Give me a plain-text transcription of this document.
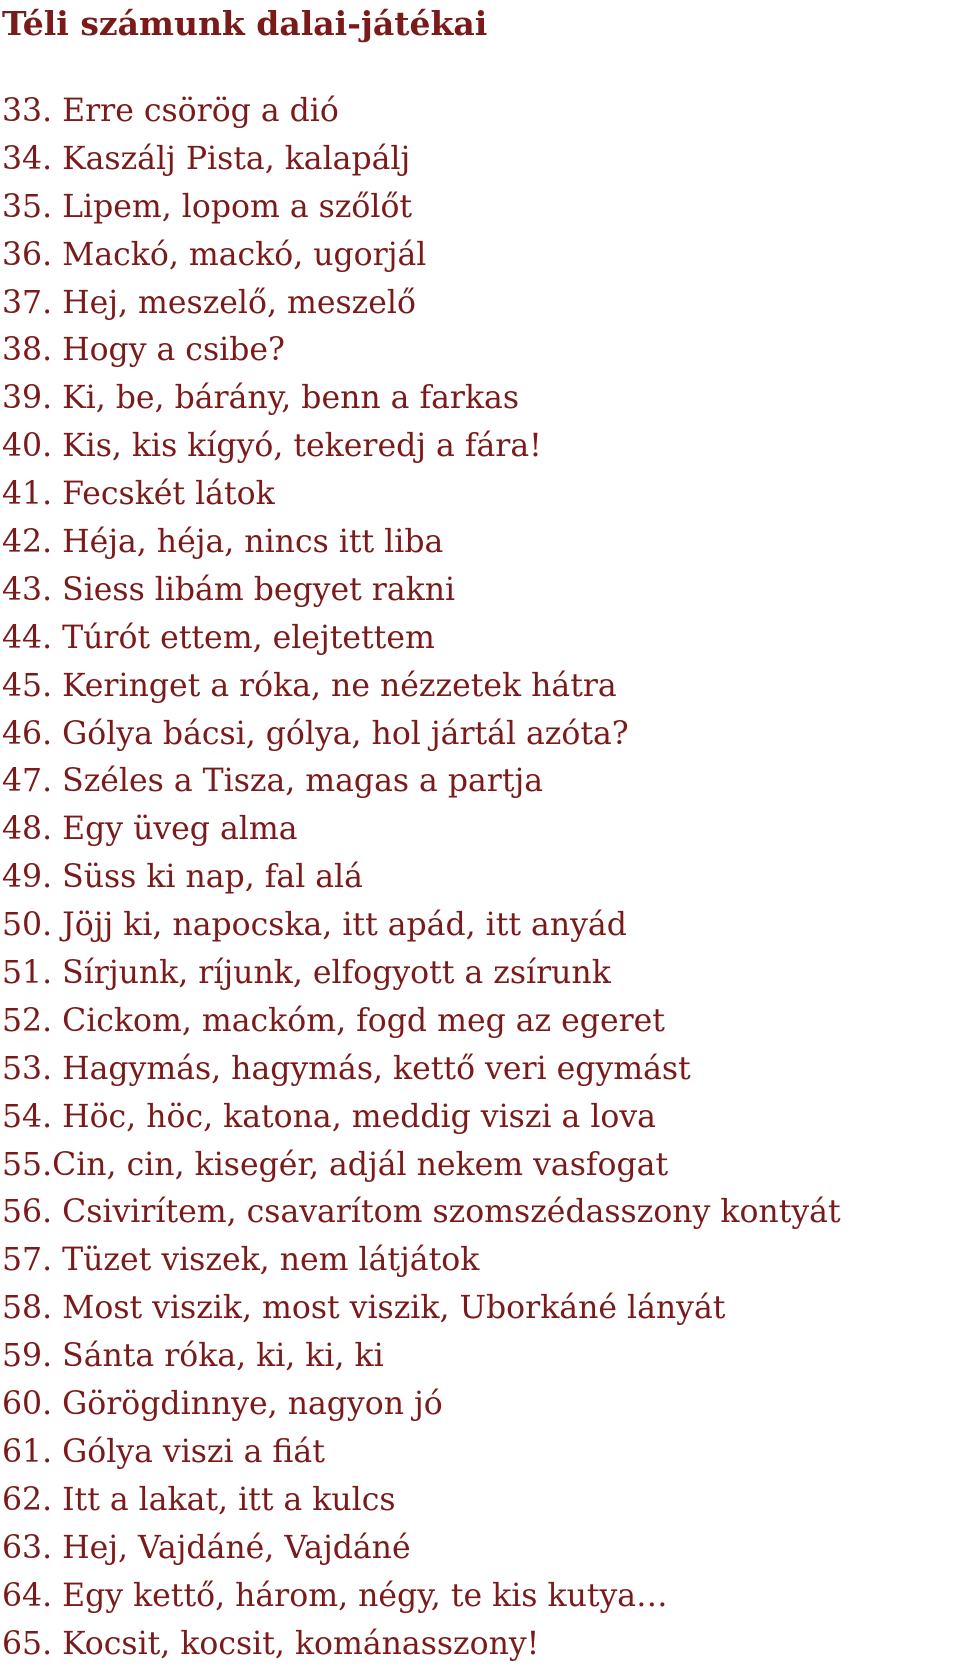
Téli számunk dalai-játékai
33. Erre csörög a dió
34. Kaszálj Pista, kalapálj
35. Lipem, lopom a szőlőt
36. Mackó, mackó, ugorjál
37. Hej, meszelő, meszelő
38. Hogy a csibe?
39. Ki, be, bárány, benn a farkas
40. Kis, kis kígyó, tekeredj a fára!
41. Fecskét látok
42. Héja, héja, nincs itt liba
43. Siess libám begyet rakni
44. Túrót ettem, elejtettem
45. Keringet a róka, ne nézzetek hátra
46. Gólya bácsi, gólya, hol jártál azóta?
47. Széles a Tisza, magas a partja
48. Egy üveg alma
49. Süss ki nap, fal alá
50. Jöjj ki, napocska, itt apád, itt anyád
51. Sírjunk, ríjunk, elfogyott a zsírunk
52. Cickom, mackóm, fogd meg az egeret
53. Hagymás, hagymás, kettő veri egymást
54. Höc, höc, katona, meddig viszi a lova
55.Cin, cin, kisegér, adjál nekem vasfogat
56. Csivirítem, csavarítom szomszédasszony kontyát
57. Tüzet viszek, nem látjátok
58. Most viszik, most viszik, Uborkáné lányát
59. Sánta róka, ki, ki, ki
60. Görögdinnye, nagyon jó
61. Gólya viszi a fiát
62. Itt a lakat, itt a kulcs
63. Hej, Vajdáné, Vajdáné
64. Egy kettő, három, négy, te kis kutya…
65. Kocsit, kocsit, kománasszony!
